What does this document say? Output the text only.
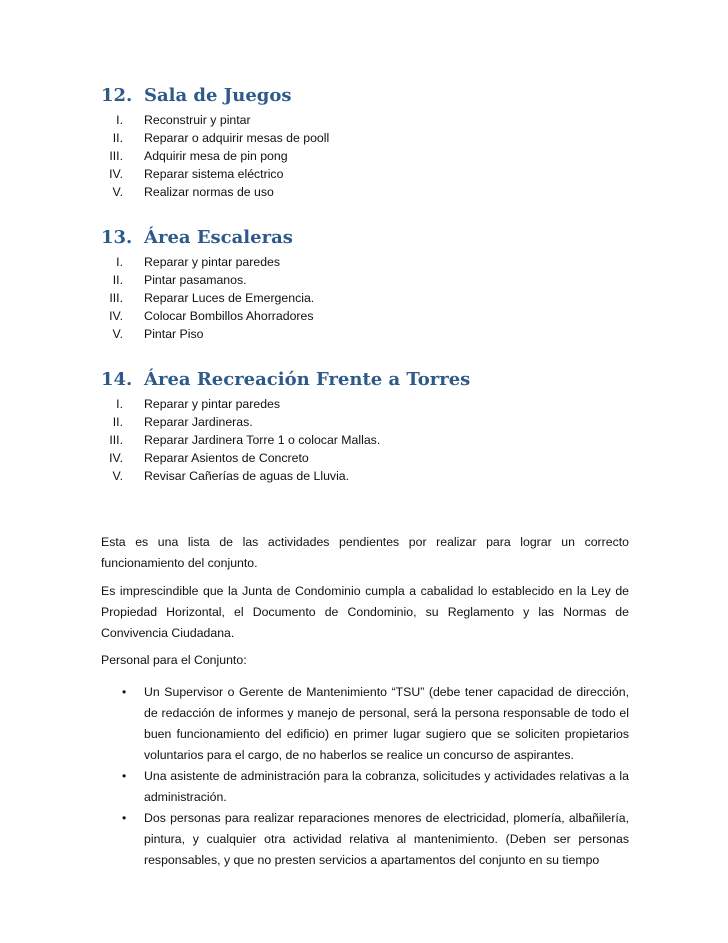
12. Sala de Juegos
I. Reconstruir y pintar
II. Reparar o adquirir mesas de pooll
III. Adquirir mesa de pin pong
IV. Reparar sistema eléctrico
V. Realizar normas de uso
13. Área Escaleras
I. Reparar y pintar paredes
II. Pintar pasamanos.
III. Reparar Luces de Emergencia.
IV. Colocar Bombillos Ahorradores
V. Pintar Piso
14. Área Recreación Frente a Torres
I. Reparar y pintar paredes
II. Reparar Jardineras.
III. Reparar Jardinera Torre 1 o colocar Mallas.
IV. Reparar Asientos de Concreto
V. Revisar Cañerías de aguas de Lluvia.

Esta es una lista de las actividades pendientes por realizar para lograr un correcto funcionamiento del conjunto.

Es imprescindible que la Junta de Condominio cumpla a cabalidad lo establecido en la Ley de Propiedad Horizontal, el Documento de Condominio, su Reglamento y las Normas de Convivencia Ciudadana.

Personal para el Conjunto:

• Un Supervisor o Gerente de Mantenimiento “TSU” (debe tener capacidad de dirección, de redacción de informes y manejo de personal, será la persona responsable de todo el buen funcionamiento del edificio) en primer lugar sugiero que se soliciten propietarios voluntarios para el cargo, de no haberlos se realice un concurso de aspirantes.
• Una asistente de administración para la cobranza, solicitudes y actividades relativas a la administración.
• Dos personas para realizar reparaciones menores de electricidad, plomería, albañilería, pintura, y cualquier otra actividad relativa al mantenimiento. (Deben ser personas responsables, y que no presten servicios a apartamentos del conjunto en su tiempo
